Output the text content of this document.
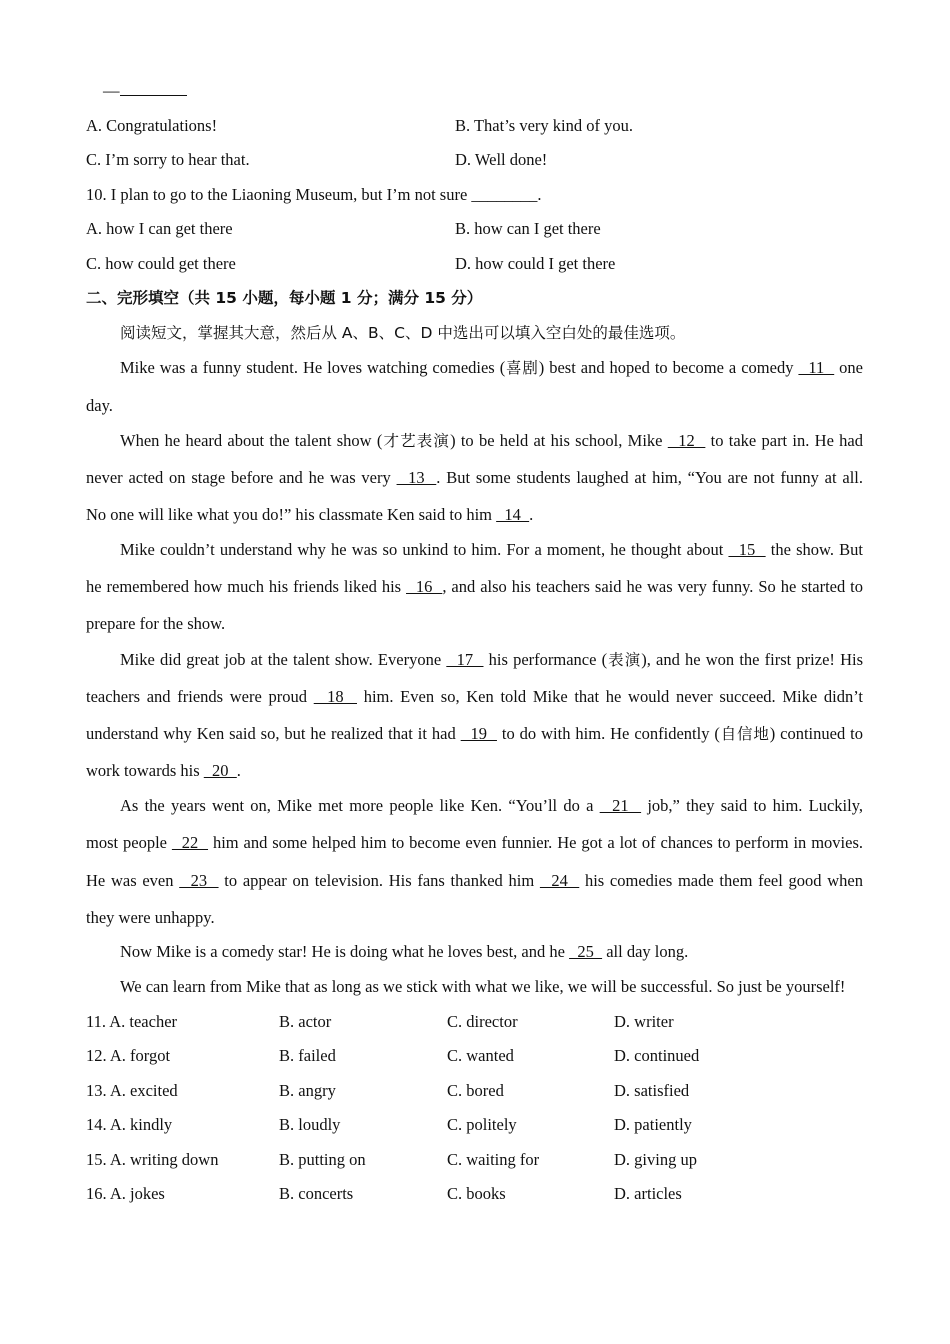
—
A. Congratulations!	B. That’s very kind of you.
C. I’m sorry to hear that.	D. Well done!
10. I plan to go to the Liaoning Museum, but I’m not sure ________.
A. how I can get there	B. how can I get there
C. how could get there	D. how could I get there
二、完形填空（共 15 小题，每小题 1 分；满分 15 分）
阅读短文，掌握其大意，然后从 A、B、C、D 中选出可以填入空白处的最佳选项。
Mike was a funny student. He loves watching comedies (喜剧) best and hoped to become a comedy   11   one
day.
When he heard about the talent show (才艺表演) to be held at his school, Mike   12   to take part in. He had
never acted on stage before and he was very   13  . But some students laughed at him, “You are not funny at all.
No one will like what you do!” his classmate Ken said to him   14  .
Mike couldn’t understand why he was so unkind to him. For a moment, he thought about   15   the show. But
he remembered how much his friends liked his   16  , and also his teachers said he was very funny. So he started to
prepare for the show.
Mike did great job at the talent show. Everyone   17   his performance (表演), and he won the first prize! His
teachers and friends were proud   18   him. Even so, Ken told Mike that he would never succeed. Mike didn’t
understand why Ken said so, but he realized that it had   19   to do with him. He confidently (自信地) continued to
work towards his   20  .
As the years went on, Mike met more people like Ken. “You’ll do a   21   job,” they said to him. Luckily,
most people   22   him and some helped him to become even funnier. He got a lot of chances to perform in movies.
He was even   23   to appear on television. His fans thanked him   24   his comedies made them feel good when
they were unhappy.
Now Mike is a comedy star! He is doing what he loves best, and he   25   all day long.
We can learn from Mike that as long as we stick with what we like, we will be successful. So just be yourself!
11. A. teacher	B. actor	C. director	D. writer
12. A. forgot	B. failed	C. wanted	D. continued
13. A. excited	B. angry	C. bored	D. satisfied
14. A. kindly	B. loudly	C. politely	D. patiently
15. A. writing down	B. putting on	C. waiting for	D. giving up
16. A. jokes	B. concerts	C. books	D. articles
